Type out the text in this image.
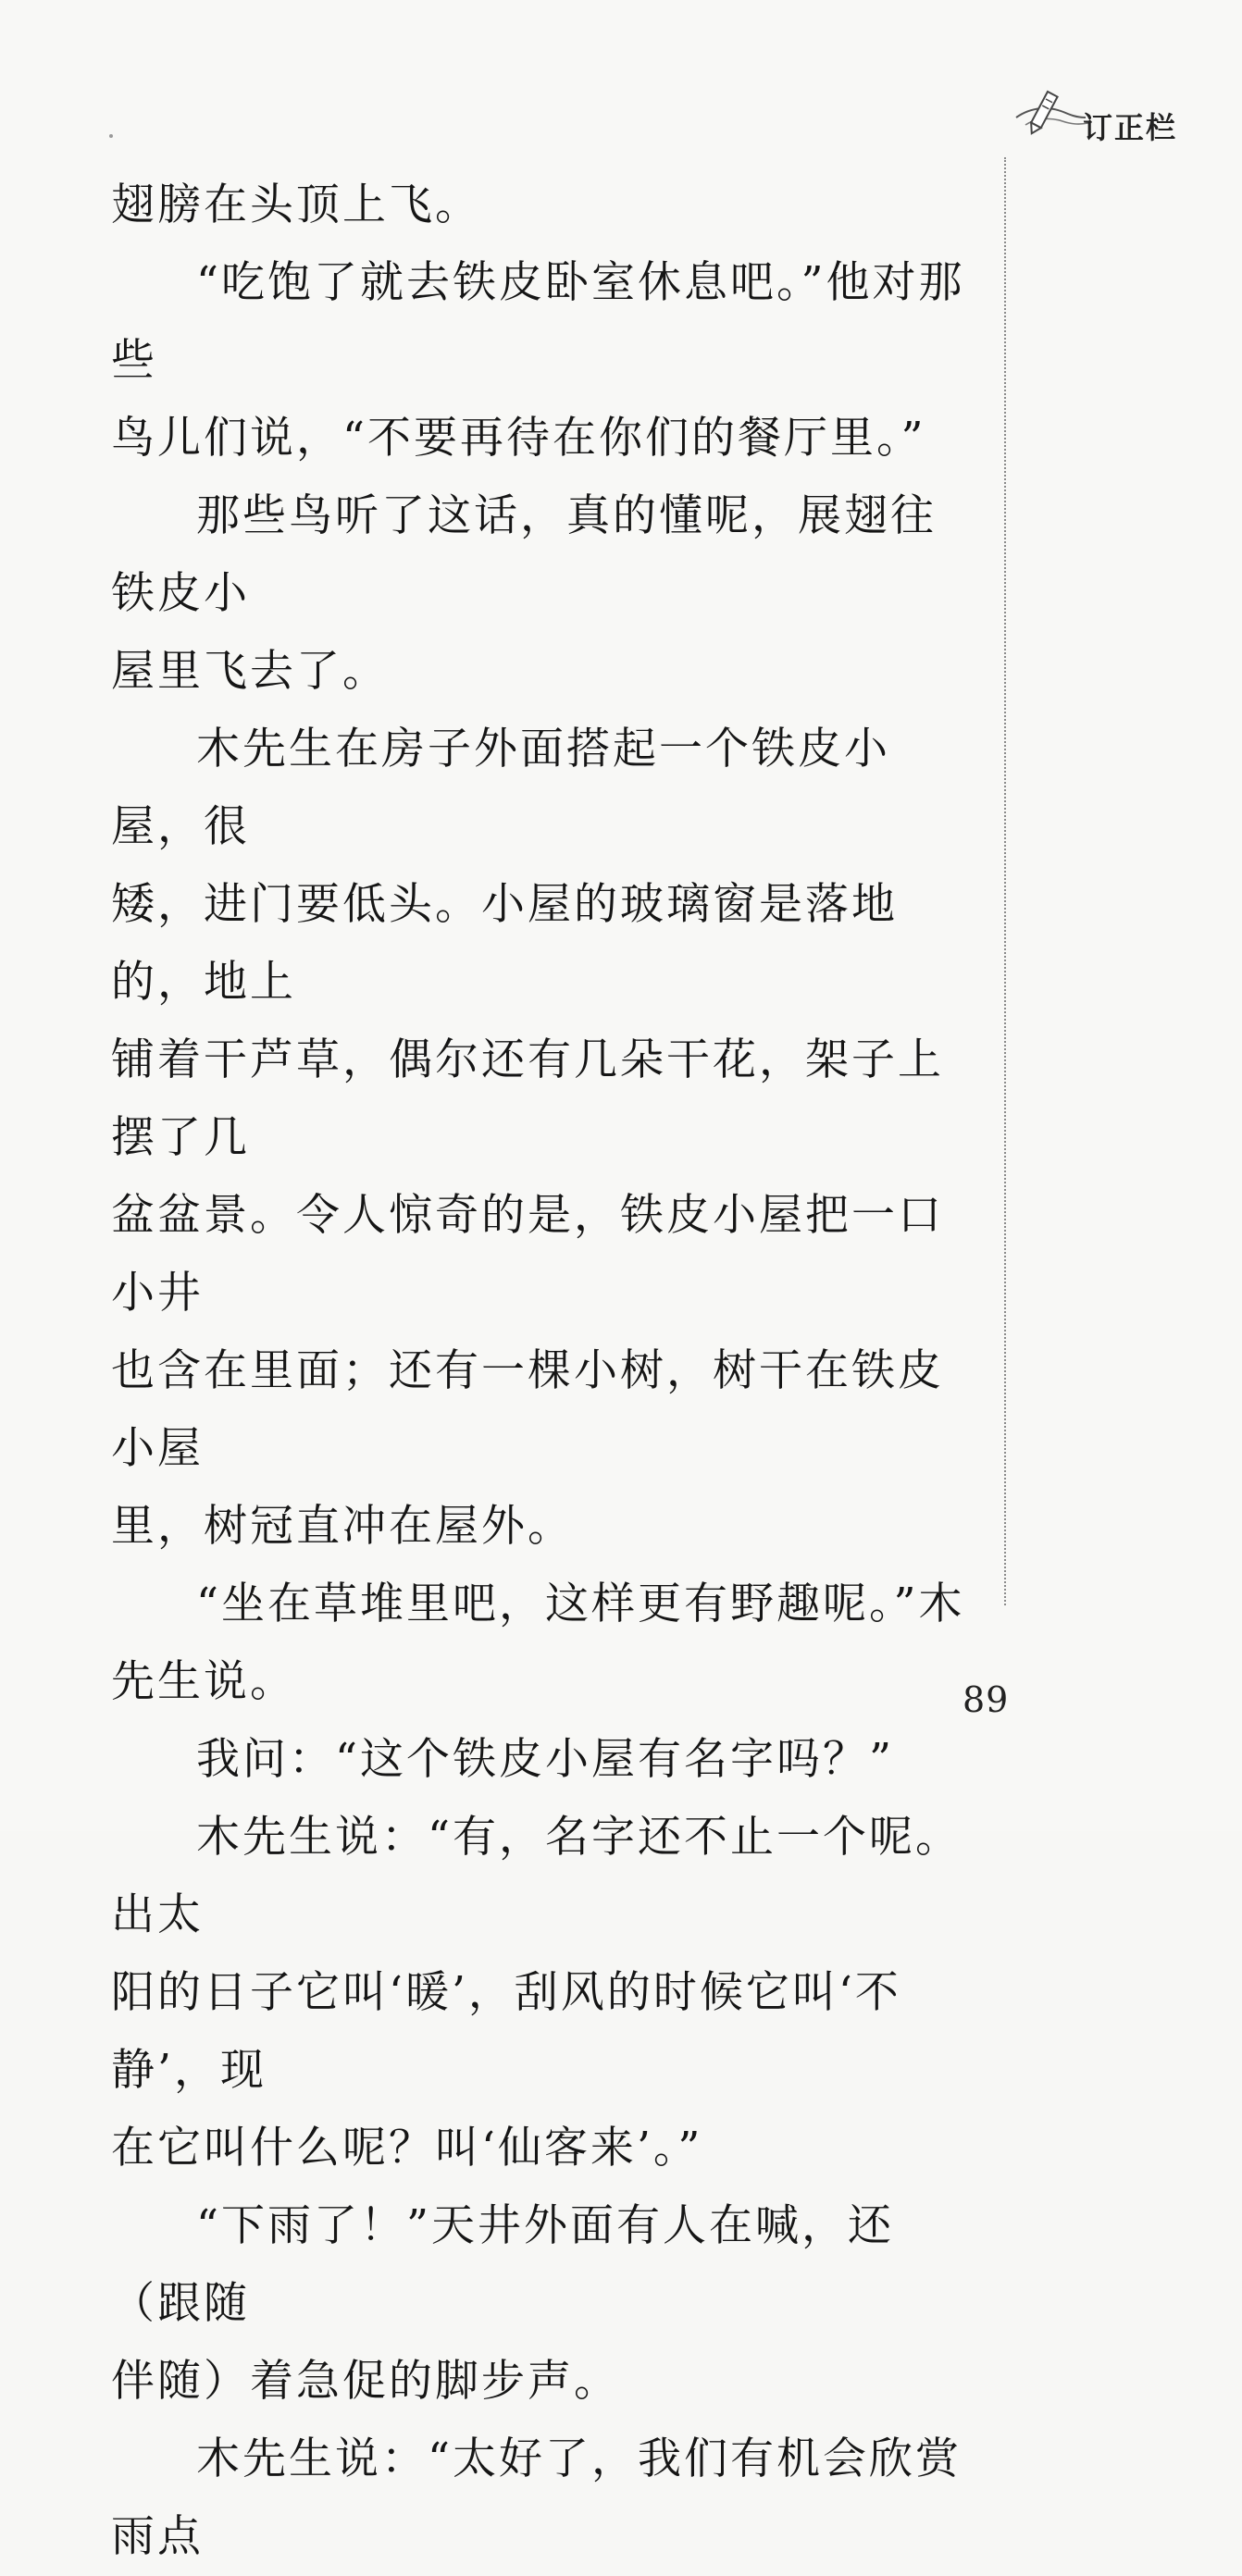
订正栏

翅膀在头顶上飞。

“吃饱了就去铁皮卧室休息吧。”他对那些

鸟儿们说，“不要再待在你们的餐厅里。”

那些鸟听了这话，真的懂呢，展翅往铁皮小

屋里飞去了。

木先生在房子外面搭起一个铁皮小屋，很

矮，进门要低头。小屋的玻璃窗是落地的，地上

铺着干芦草，偶尔还有几朵干花，架子上摆了几

盆盆景。令人惊奇的是，铁皮小屋把一口小井

也含在里面；还有一棵小树，树干在铁皮小屋

里，树冠直冲在屋外。

“坐在草堆里吧，这样更有野趣呢。”木先生说。

我问：“这个铁皮小屋有名字吗？”

木先生说：“有，名字还不止一个呢。出太

阳的日子它叫‘暖’，刮风的时候它叫‘不静’，现

在它叫什么呢？叫‘仙客来’。”

“下雨了！”天井外面有人在喊，还（跟随

伴随）着急促的脚步声。

木先生说：“太好了，我们有机会欣赏雨点

89
